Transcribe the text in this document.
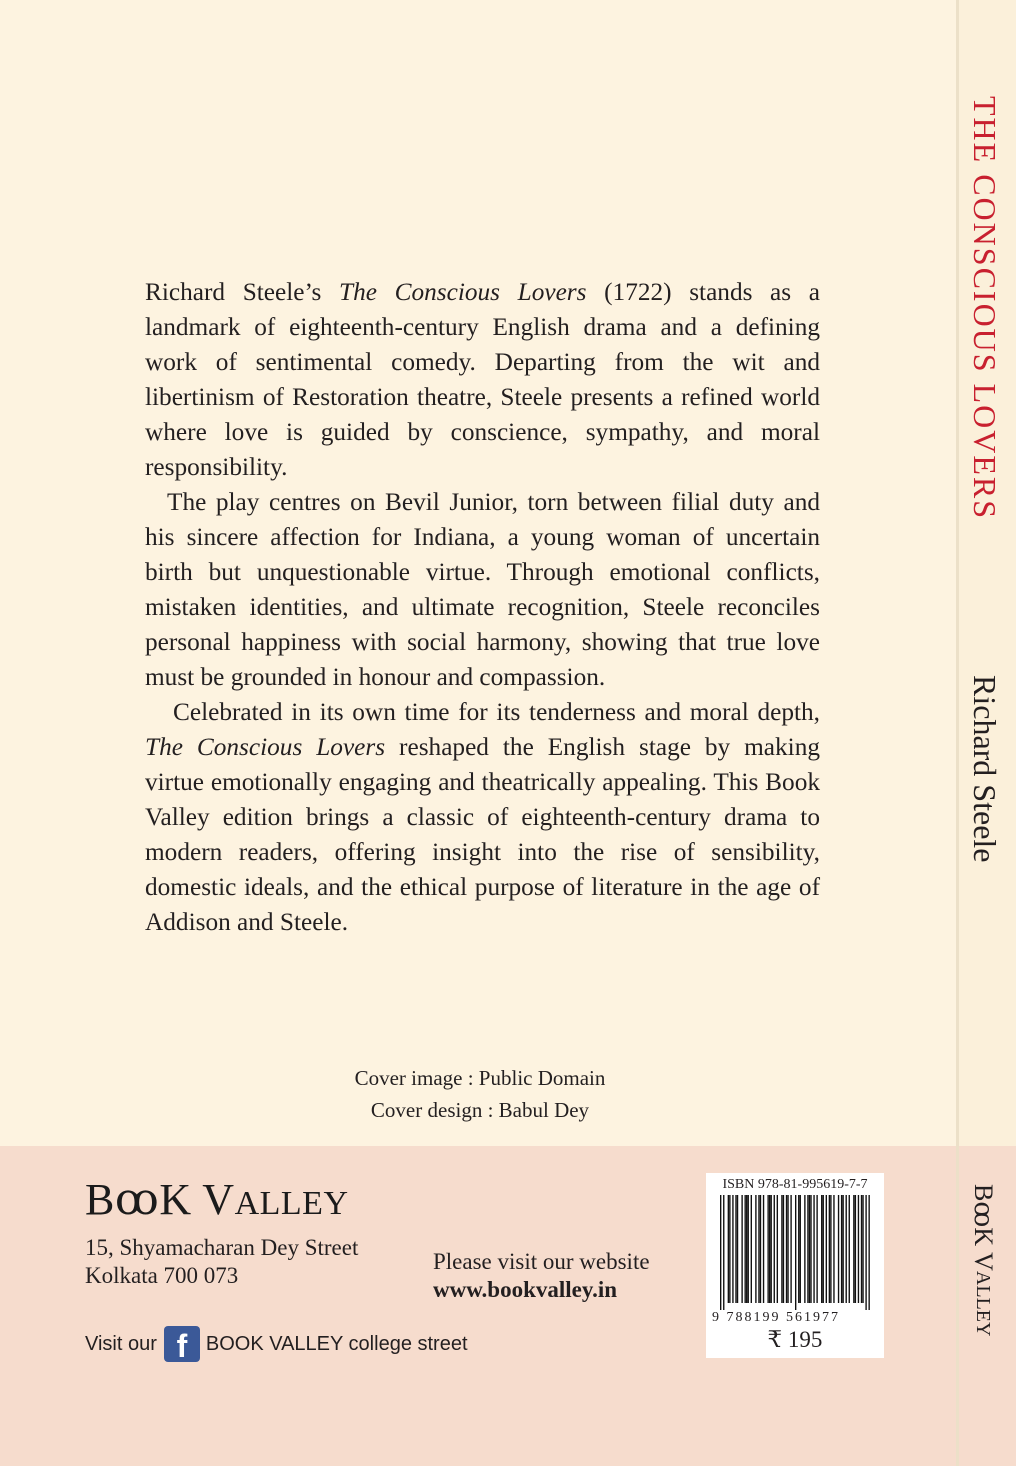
Richard Steele’s The Conscious Lovers (1722) stands as a landmark of eighteenth-century English drama and a defining work of sentimental comedy. Departing from the wit and libertinism of Restoration theatre, Steele presents a refined world where love is guided by conscience, sympathy, and moral responsibility.

The play centres on Bevil Junior, torn between filial duty and his sincere affection for Indiana, a young woman of uncertain birth but unquestionable virtue. Through emotional conflicts, mistaken identities, and ultimate recognition, Steele reconciles personal happiness with social harmony, showing that true love must be grounded in honour and compassion.

Celebrated in its own time for its tenderness and moral depth, The Conscious Lovers reshaped the English stage by making virtue emotionally engaging and theatrically appealing. This Book Valley edition brings a classic of eighteenth-century drama to modern readers, offering insight into the rise of sensibility, domestic ideals, and the ethical purpose of literature in the age of Addison and Steele.

Cover image : Public Domain
Cover design : Babul Dey
BꝏK VALLEY
15, Shyamacharan Dey Street
Kolkata 700 073
Please visit our website
www.bookvalley.in
Visit our f BOOK VALLEY college street
ISBN 978-81-995619-7-7
9 788199 561977
₹ 195
THE CONSCIOUS LOVERS
Richard Steele
BꝏK VALLEY
